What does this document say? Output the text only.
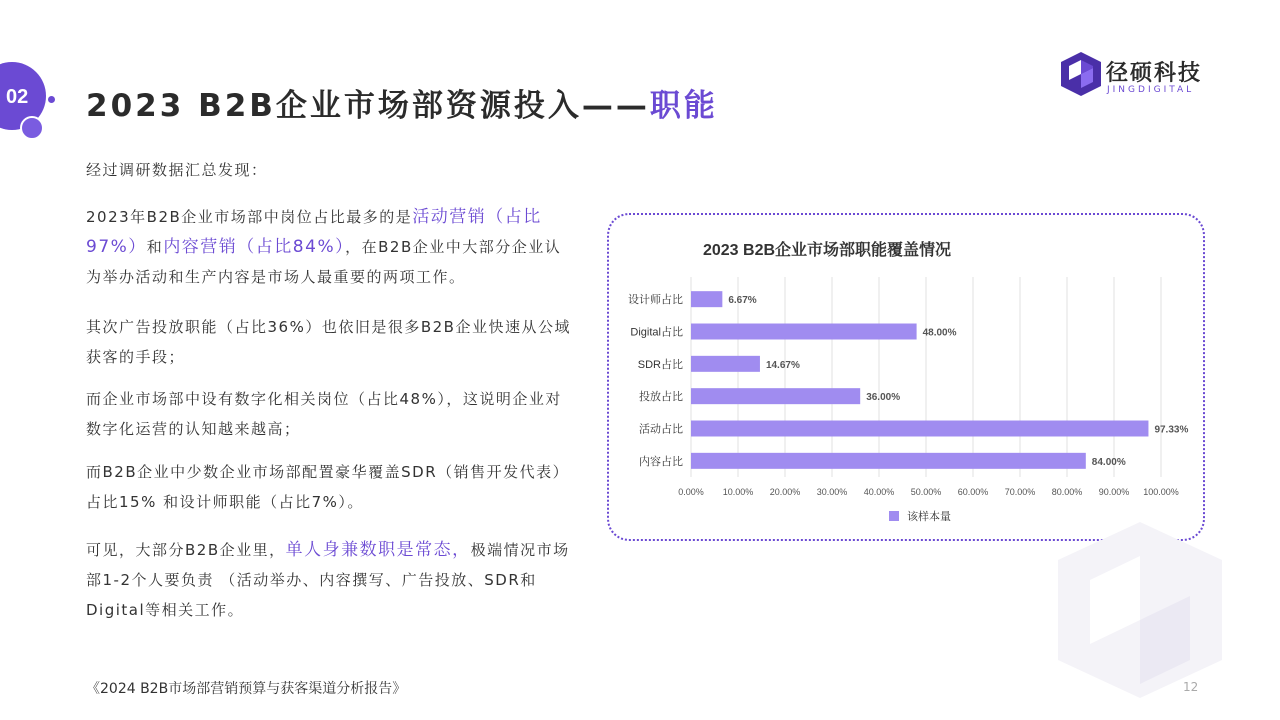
02 2023 B2B企业市场部资源投入——职能
径硕科技
JINGDIGITAL
经过调研数据汇总发现：
2023年B2B企业市场部中岗位占比最多的是活动营销（占比97%）和内容营销（占比84%），在B2B企业中大部分企业认为举办活动和生产内容是市场人最重要的两项工作。
其次广告投放职能（占比36%）也依旧是很多B2B企业快速从公域获客的手段；
而企业市场部中设有数字化相关岗位（占比48%），这说明企业对数字化运营的认知越来越高；
而B2B企业中少数企业市场部配置豪华覆盖SDR（销售开发代表）占比15% 和设计师职能（占比7%）。
可见，大部分B2B企业里，单人身兼数职是常态，极端情况市场部1-2个人要负责 （活动举办、内容撰写、广告投放、SDR和Digital等相关工作。
2023 B2B企业市场部职能覆盖情况
0.00% 10.00% 20.00% 30.00% 40.00% 50.00% 60.00% 70.00% 80.00% 90.00% 100.00%
设计师占比	6.67%
Digital占比	48.00%
SDR占比	14.67%
投放占比	36.00%
活动占比	97.33%
内容占比	84.00%
该样本量
《2024 B2B市场部营销预算与获客渠道分析报告》	12
